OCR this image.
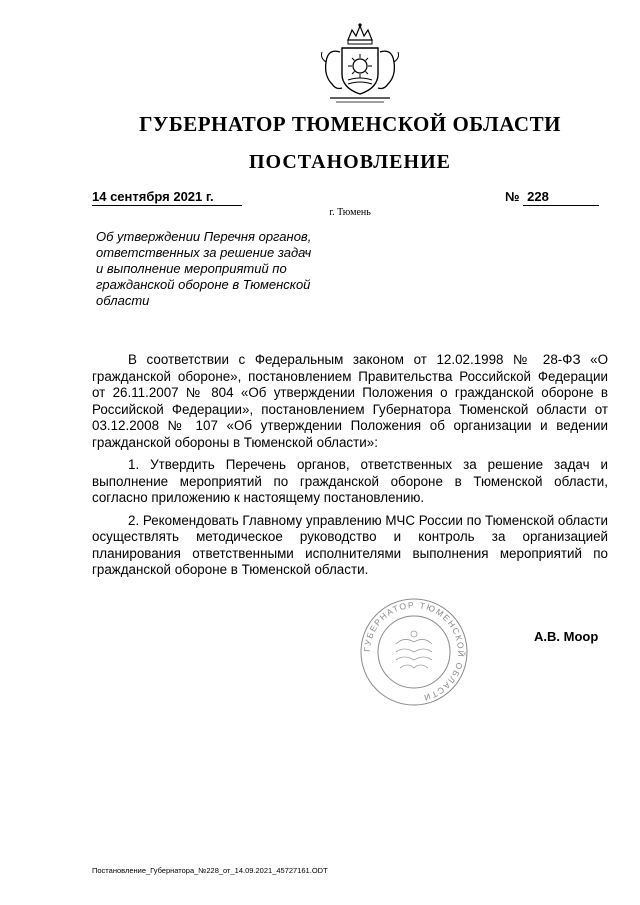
ГУБЕРНАТОР ТЮМЕНСКОЙ ОБЛАСТИ
ПОСТАНОВЛЕНИЕ
14 сентября 2021 г.	№ 228
г. Тюмень
Об утверждении Перечня органов, ответственных за решение задач и выполнение мероприятий по гражданской обороне в Тюменской области

В соответствии с Федеральным законом от 12.02.1998 № 28-ФЗ «О гражданской обороне», постановлением Правительства Российской Федерации от 26.11.2007 № 804 «Об утверждении Положения о гражданской обороне в Российской Федерации», постановлением Губернатора Тюменской области от 03.12.2008 № 107 «Об утверждении Положения об организации и ведении гражданской обороны в Тюменской области»:

1. Утвердить Перечень органов, ответственных за решение задач и выполнение мероприятий по гражданской обороне в Тюменской области, согласно приложению к настоящему постановлению.

2. Рекомендовать Главному управлению МЧС России по Тюменской области осуществлять методическое руководство и контроль за организацией планирования ответственными исполнителями выполнения мероприятий по гражданской обороне в Тюменской области.

ГУБЕРНАТОР ТЮМЕНСКОЙ ОБЛАСТИ
А.В. Моор
Постановление_Губернатора_№228_от_14.09.2021_45727161.ODT
